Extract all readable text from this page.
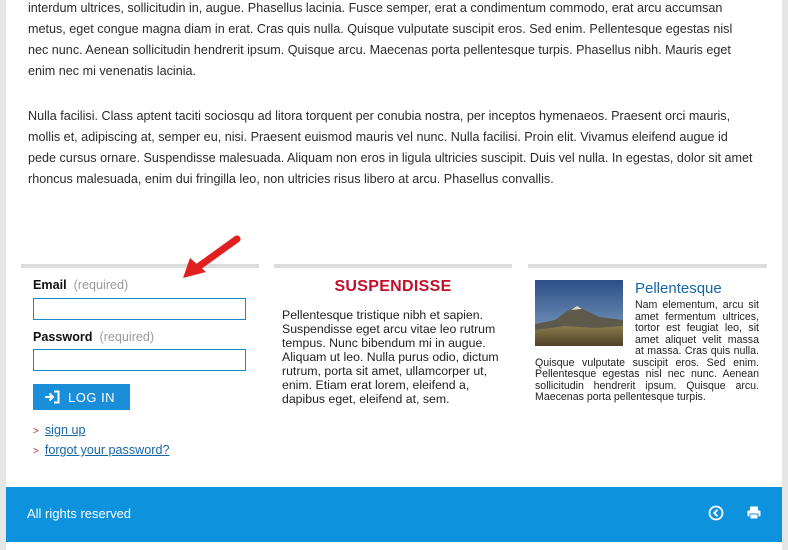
interdum ultrices, sollicitudin in, augue. Phasellus lacinia. Fusce semper, erat a condimentum commodo, erat arcu accumsan metus, eget congue magna diam in erat. Cras quis nulla. Quisque vulputate suscipit eros. Sed enim. Pellentesque egestas nisl nec nunc. Aenean sollicitudin hendrerit ipsum. Quisque arcu. Maecenas porta pellentesque turpis. Phasellus nibh. Mauris eget enim nec mi venenatis lacinia.

Nulla facilisi. Class aptent taciti sociosqu ad litora torquent per conubia nostra, per inceptos hymenaeos. Praesent orci mauris, mollis et, adipiscing at, semper eu, nisi. Praesent euismod mauris vel nunc. Nulla facilisi. Proin elit. Vivamus eleifend augue id pede cursus ornare. Suspendisse malesuada. Aliquam non eros in ligula ultricies suscipit. Duis vel nulla. In egestas, dolor sit amet rhoncus malesuada, enim dui fringilla leo, non ultricies risus libero at arcu. Phasellus convallis.

Email (required)
Password (required)
LOG IN
> sign up
> forgot your password?
SUSPENDISSE

Pellentesque tristique nibh et sapien. Suspendisse eget arcu vitae leo rutrum tempus. Nunc bibendum mi in augue. Aliquam ut leo. Nulla purus odio, dictum rutrum, porta sit amet, ullamcorper ut, enim. Etiam erat lorem, eleifend a, dapibus eget, eleifend at, sem.

Pellentesque
Nam elementum, arcu sit amet fermentum ultrices, tortor est feugiat leo, sit amet aliquet velit massa at massa. Cras quis nulla. Quisque vulputate suscipit eros. Sed enim. Pellentesque egestas nisl nec nunc. Aenean sollicitudin hendrerit ipsum. Quisque arcu. Maecenas porta pellentesque turpis.
All rights reserved
